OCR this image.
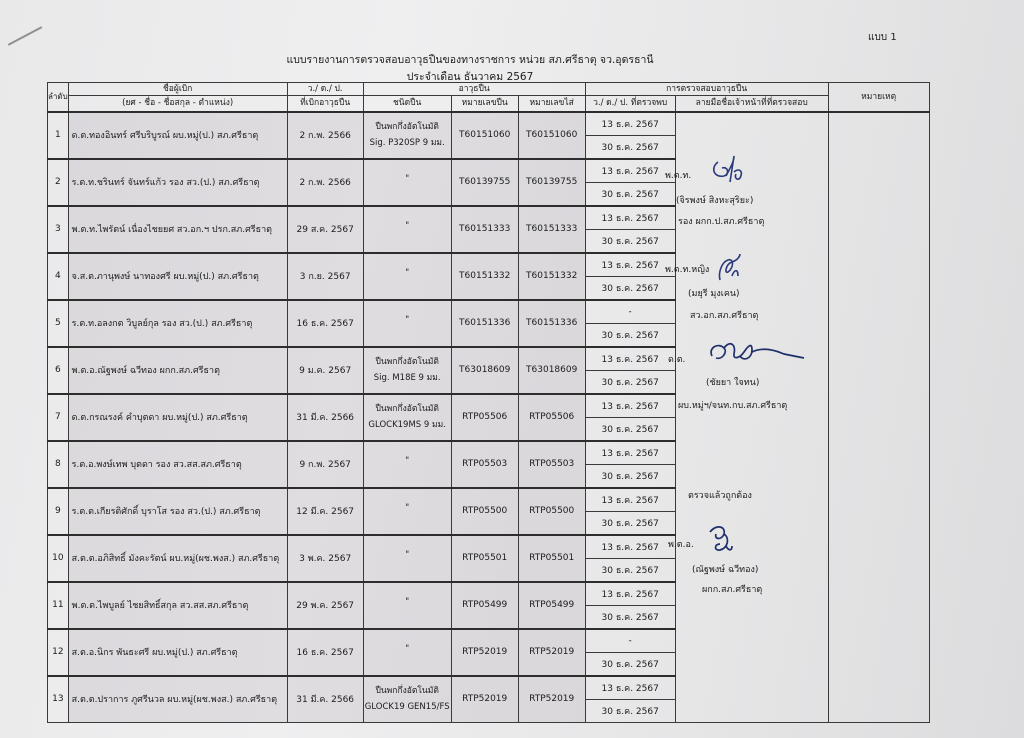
แบบ 1
แบบรายงานการตรวจสอบอาวุธปืนของทางราชการ หน่วย สภ.ศรีธาตุ จว.อุดรธานี
ประจำเดือน ธันวาคม 2567
ลำดับ	ชื่อผู้เบิก	ว./ ด./ ป.	อาวุธปืน			การตรวจสอบอาวุธปืน		หมายเหตุ
	(ยศ - ชื่อ - ชื่อสกุล - ตำแหน่ง)	ที่เบิกอาวุธปืน	ชนิดปืน	หมายเลขปืน	หมายเลขไส่	ว./ ด./ ป. ที่ตรวจพบ	ลายมือชื่อเจ้าหน้าที่ที่ตรวจสอบ	
1	ด.ต.ทองอินทร์ ศรีบริบูรณ์ ผบ.หมู่(ป.) สภ.ศรีธาตุ	2 ก.พ. 2566	ปืนพกกึ่งอัตโนมัติ
Sig. P320SP 9 มม.	T60151060	T60151060	13 ธ.ค. 2567		
						30 ธ.ค. 2567		
2	ร.ต.ท.ชรินทร์ จันทร์แก้ว รอง สว.(ป.) สภ.ศรีธาตุ	2 ก.พ. 2566	"	T60139755	T60139755	13 ธ.ค. 2567		
						30 ธ.ค. 2567		
3	พ.ต.ท.ไพรัตน์ เนื่องไชยยศ สว.อก.ฯ ปรก.สภ.ศรีธาตุ	29 ส.ค. 2567	"	T60151333	T60151333	13 ธ.ค. 2567		
						30 ธ.ค. 2567		
4	จ.ส.ต.ภานุพงษ์ นาทองศรี ผบ.หมู่(ป.) สภ.ศรีธาตุ	3 ก.ย. 2567	"	T60151332	T60151332	13 ธ.ค. 2567		
						30 ธ.ค. 2567		
5	ร.ต.ท.อลงกต วิบูลย์กุล รอง สว.(ป.) สภ.ศรีธาตุ	16 ธ.ค. 2567	"	T60151336	T60151336	-		
						30 ธ.ค. 2567		
6	พ.ต.อ.ณัฐพงษ์ ฉวีทอง ผกก.สภ.ศรีธาตุ	9 ม.ค. 2567	ปืนพกกึ่งอัตโนมัติ
Sig. M18E 9 มม.	T63018609	T63018609	13 ธ.ค. 2567		
						30 ธ.ค. 2567		
7	ด.ต.กรณรงค์ คำบุตดา ผบ.หมู่(ป.) สภ.ศรีธาตุ	31 มี.ค. 2566	ปืนพกกึ่งอัตโนมัติ
GLOCK19MS 9 มม.	RTP05506	RTP05506	13 ธ.ค. 2567		
						30 ธ.ค. 2567		
8	ร.ต.อ.พงษ์เทพ บุตดา รอง สว.สส.สภ.ศรีธาตุ	9 ก.พ. 2567	"	RTP05503	RTP05503	13 ธ.ค. 2567		
						30 ธ.ค. 2567		
9	ร.ต.ต.เกียรติศักดิ์ บุราโส รอง สว.(ป.) สภ.ศรีธาตุ	12 มี.ค. 2567	"	RTP05500	RTP05500	13 ธ.ค. 2567		
						30 ธ.ค. 2567		
10	ส.ต.ต.อภิสิทธิ์ มังคะรัตน์ ผบ.หมู่(ผช.พงส.) สภ.ศรีธาตุ	3 พ.ค. 2567	"	RTP05501	RTP05501	13 ธ.ค. 2567		
						30 ธ.ค. 2567		
11	พ.ต.ต.ไพบูลย์ ไชยสิทธิ์สกุล สว.สส.สภ.ศรีธาตุ	29 พ.ค. 2567	"	RTP05499	RTP05499	13 ธ.ค. 2567		
						30 ธ.ค. 2567		
12	ส.ต.อ.นิกร พันธะศรี ผบ.หมู่(ป.) สภ.ศรีธาตุ	16 ธ.ค. 2567	"	RTP52019	RTP52019	-		
						30 ธ.ค. 2567		
13	ส.ต.ต.ปราการ ภูศรีนวล ผบ.หมู่(ผช.พงส.) สภ.ศรีธาตุ	31 มี.ค. 2566	ปืนพกกึ่งอัตโนมัติ
GLOCK19 GEN15/FS	RTP52019	RTP52019	13 ธ.ค. 2567		
						30 ธ.ค. 2567		
พ.ต.ท.
(จิรพงษ์ สิงหะสุริยะ)
รอง ผกก.ป.สภ.ศรีธาตุ
พ.ต.ท.หญิง
(มยุรี มุงเคน)
สว.อก.สภ.ศรีธาตุ
ด.ต.
(ชัยยา ใจทน)
ผบ.หมู่ฯ/จนท.กบ.สภ.ศรีธาตุ
ตรวจแล้วถูกต้อง
พ.ต.อ.
(ณัฐพงษ์ ฉวีทอง)
ผกก.สภ.ศรีธาตุ
